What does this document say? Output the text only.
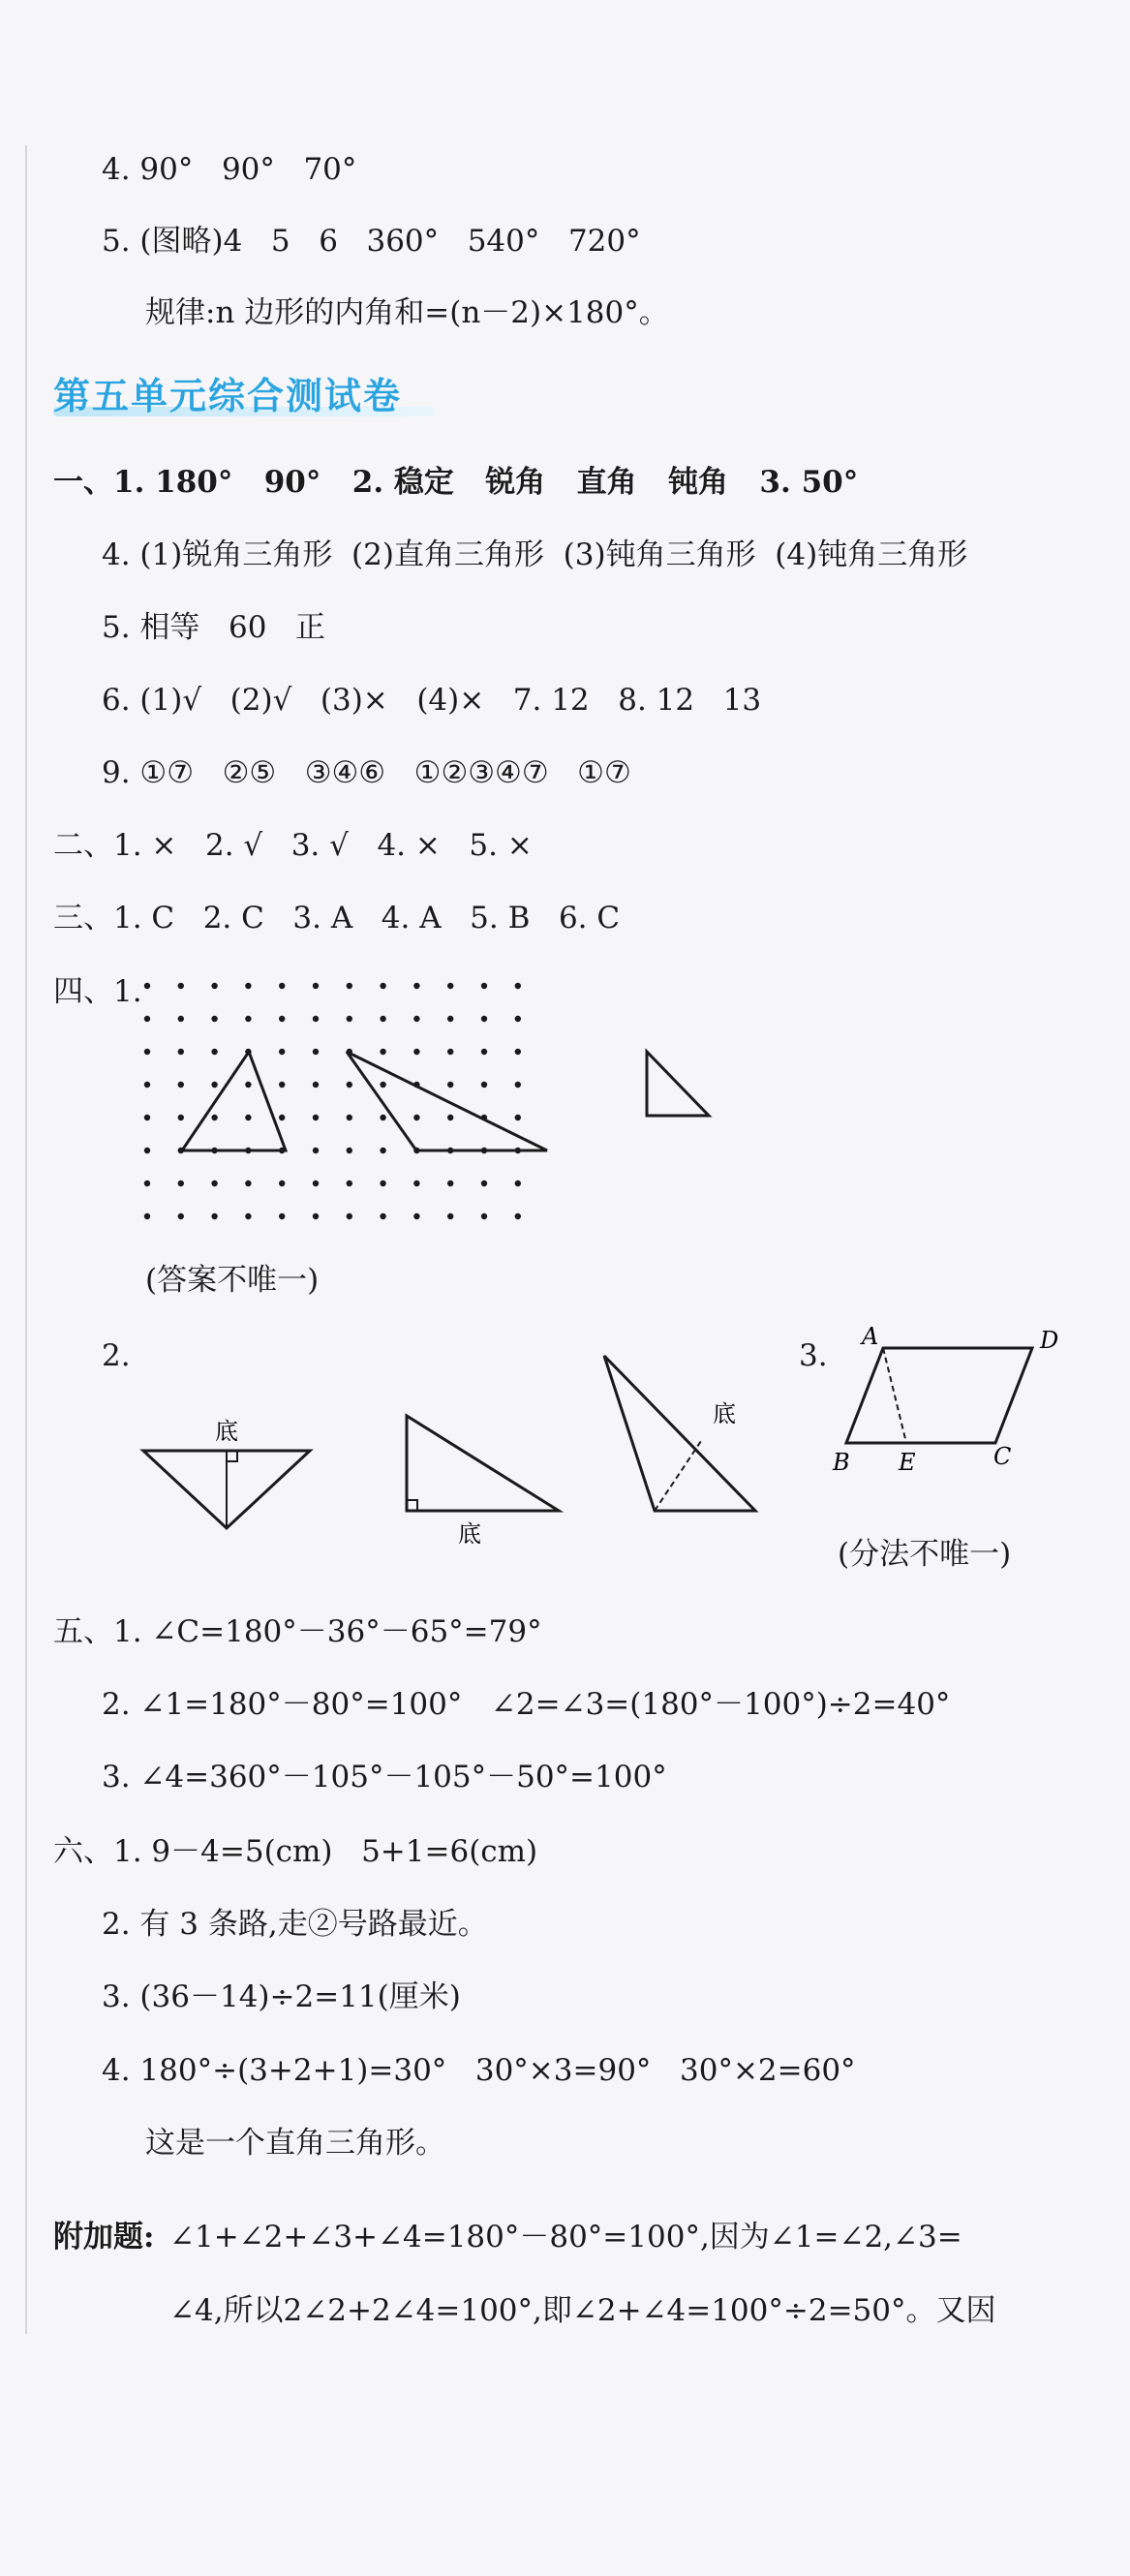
4. 90°   90°   70°
5. (图略)4   5   6   360°   540°   720°
规律:n 边形的内角和=(n－2)×180°。
第五单元综合测试卷
一、1. 180°   90°   2. 稳定   锐角   直角   钝角   3. 50°
4. (1)锐角三角形  (2)直角三角形  (3)钝角三角形  (4)钝角三角形
5. 相等   60   正
6. (1)√   (2)√   (3)×   (4)×   7. 12   8. 12   13
9. ①⑦   ②⑤   ③④⑥   ①②③④⑦   ①⑦
二、1. ×   2. √   3. √   4. ×   5. ×
三、1. C   2. C   3. A   4. A   5. B   6. C
四、1.
(答案不唯一)
2.	3.
底
底
底
A	D
B E	C
(分法不唯一)
五、1. ∠C=180°－36°－65°=79°
2. ∠1=180°－80°=100°   ∠2=∠3=(180°－100°)÷2=40°
3. ∠4=360°－105°－105°－50°=100°
六、1. 9－4=5(cm)   5+1=6(cm)
2. 有 3 条路,走②号路最近。
3. (36－14)÷2=11(厘米)
4. 180°÷(3+2+1)=30°   30°×3=90°   30°×2=60°
这是一个直角三角形。
附加题: ∠1+∠2+∠3+∠4=180°－80°=100°,因为∠1=∠2,∠3=
∠4,所以2∠2+2∠4=100°,即∠2+∠4=100°÷2=50°。又因
